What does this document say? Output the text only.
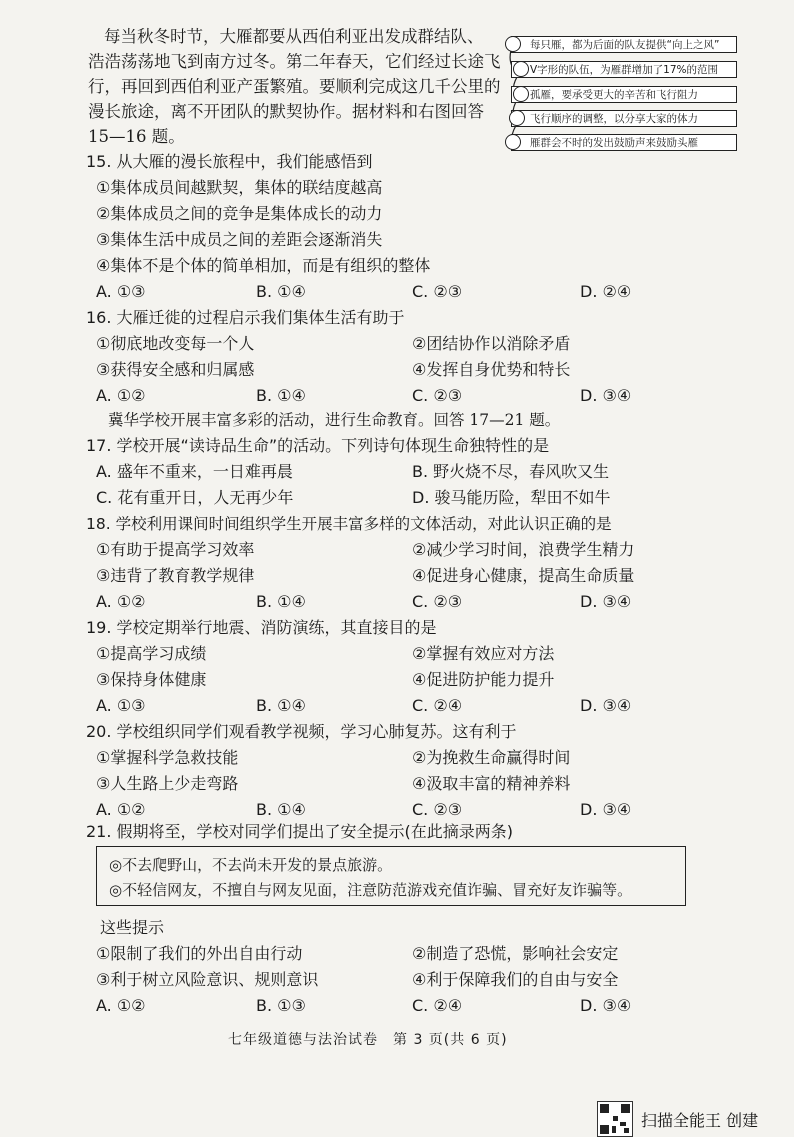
每当秋冬时节，大雁都要从西伯利亚出发成群结队、
浩浩荡荡地飞到南方过冬。第二年春天，它们经过长途飞
行，再回到西伯利亚产蛋繁殖。要顺利完成这几千公里的
漫长旅途，离不开团队的默契协作。据材料和右图回答
15—16 题。
每只雁，都为后面的队友提供“向上之风”
V字形的队伍，为雁群增加了17%的范围
孤雁，要承受更大的辛苦和飞行阻力
飞行顺序的调整，以分享大家的体力
雁群会不时的发出鼓励声来鼓励头雁
15. 从大雁的漫长旅程中，我们能感悟到
①集体成员间越默契，集体的联结度越高
②集体成员之间的竞争是集体成长的动力
③集体生活中成员之间的差距会逐渐消失
④集体不是个体的简单相加，而是有组织的整体
A. ①③	B. ①④	C. ②③	D. ②④
16. 大雁迁徙的过程启示我们集体生活有助于
①彻底地改变每一个人	②团结协作以消除矛盾
③获得安全感和归属感	④发挥自身优势和特长
A. ①②	B. ①④	C. ②③	D. ③④
冀华学校开展丰富多彩的活动，进行生命教育。回答 17—21 题。
17. 学校开展“读诗品生命”的活动。下列诗句体现生命独特性的是
A. 盛年不重来，一日难再晨	B. 野火烧不尽，春风吹又生
C. 花有重开日，人无再少年	D. 骏马能历险，犁田不如牛
18. 学校利用课间时间组织学生开展丰富多样的文体活动，对此认识正确的是
①有助于提高学习效率	②减少学习时间，浪费学生精力
③违背了教育教学规律	④促进身心健康，提高生命质量
A. ①②	B. ①④	C. ②③	D. ③④
19. 学校定期举行地震、消防演练，其直接目的是
①提高学习成绩	②掌握有效应对方法
③保持身体健康	④促进防护能力提升
A. ①③	B. ①④	C. ②④	D. ③④
20. 学校组织同学们观看教学视频，学习心肺复苏。这有利于
①掌握科学急救技能	②为挽救生命赢得时间
③人生路上少走弯路	④汲取丰富的精神养料
A. ①②	B. ①④	C. ②③	D. ③④
21. 假期将至，学校对同学们提出了安全提示(在此摘录两条)
◎不去爬野山，不去尚未开发的景点旅游。
◎不轻信网友，不擅自与网友见面，注意防范游戏充值诈骗、冒充好友诈骗等。
这些提示
①限制了我们的外出自由行动	②制造了恐慌，影响社会安定
③利于树立风险意识、规则意识	④利于保障我们的自由与安全
A. ①②	B. ①③	C. ②④	D. ③④
七年级道德与法治试卷　第 3 页(共 6 页)
扫描全能王 创建
